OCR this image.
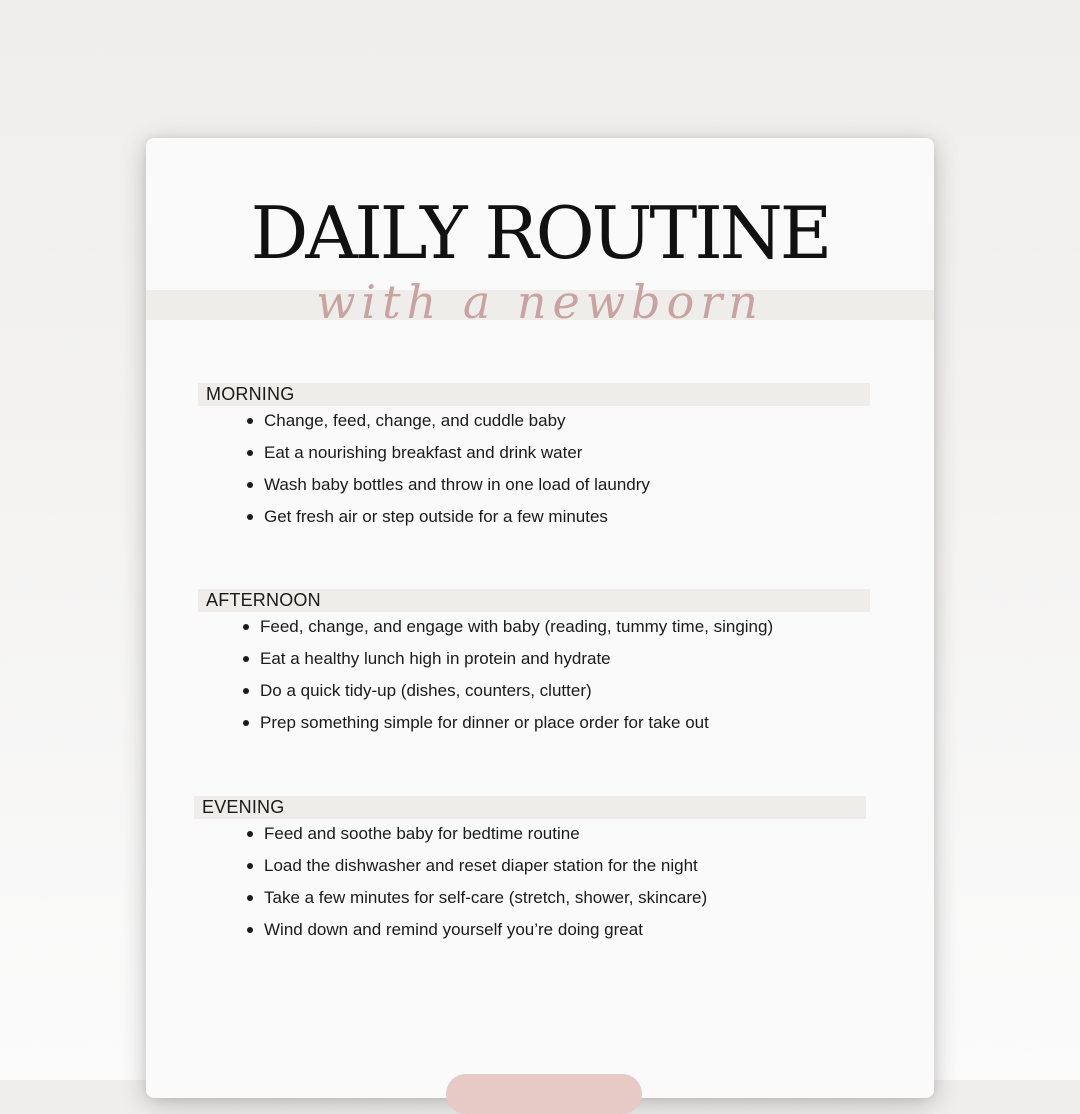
DAILY ROUTINE
with a newborn
MORNING
Change, feed, change, and cuddle baby
Eat a nourishing breakfast and drink water
Wash baby bottles and throw in one load of laundry
Get fresh air or step outside for a few minutes
AFTERNOON
Feed, change, and engage with baby (reading, tummy time, singing)
Eat a healthy lunch high in protein and hydrate
Do a quick tidy-up (dishes, counters, clutter)
Prep something simple for dinner or place order for take out
EVENING
Feed and soothe baby for bedtime routine
Load the dishwasher and reset diaper station for the night
Take a few minutes for self-care (stretch, shower, skincare)
Wind down and remind yourself you’re doing great
